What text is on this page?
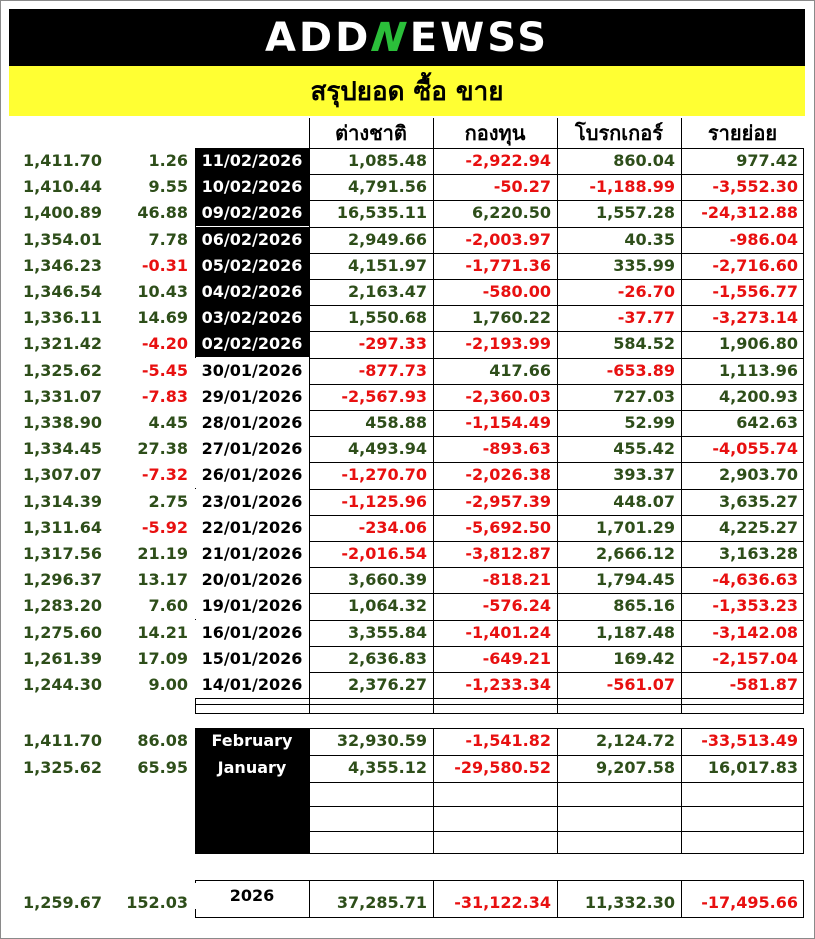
ADD
N
EWSS
สรุปยอด ซื้อ ขาย
ต่างชาติ	กองทุน	โบรกเกอร์	รายย่อย
1,411.70	1.26 11/02/2026	1,085.48	-2,922.94	860.04	977.42
1,410.44	9.55 10/02/2026	4,791.56	-50.27	-1,188.99	-3,552.30
1,400.89	46.88 09/02/2026	16,535.11	6,220.50	1,557.28	-24,312.88
1,354.01	7.78 06/02/2026	2,949.66	-2,003.97	40.35	-986.04
1,346.23	-0.31 05/02/2026	4,151.97	-1,771.36	335.99	-2,716.60
1,346.54	10.43 04/02/2026	2,163.47	-580.00	-26.70	-1,556.77
1,336.11	14.69 03/02/2026	1,550.68	1,760.22	-37.77	-3,273.14
1,321.42	-4.20 02/02/2026	-297.33	-2,193.99	584.52	1,906.80
1,325.62	-5.45 30/01/2026	-877.73	417.66	-653.89	1,113.96
1,331.07	-7.83 29/01/2026	-2,567.93	-2,360.03	727.03	4,200.93
1,338.90	4.45 28/01/2026	458.88	-1,154.49	52.99	642.63
1,334.45	27.38 27/01/2026	4,493.94	-893.63	455.42	-4,055.74
1,307.07	-7.32 26/01/2026	-1,270.70	-2,026.38	393.37	2,903.70
1,314.39	2.75 23/01/2026	-1,125.96	-2,957.39	448.07	3,635.27
1,311.64	-5.92 22/01/2026	-234.06	-5,692.50	1,701.29	4,225.27
1,317.56	21.19 21/01/2026	-2,016.54	-3,812.87	2,666.12	3,163.28
1,296.37	13.17 20/01/2026	3,660.39	-818.21	1,794.45	-4,636.63
1,283.20	7.60 19/01/2026	1,064.32	-576.24	865.16	-1,353.23
1,275.60	14.21 16/01/2026	3,355.84	-1,401.24	1,187.48	-3,142.08
1,261.39	17.09 15/01/2026	2,636.83	-649.21	169.42	-2,157.04
1,244.30	9.00 14/01/2026	2,376.27	-1,233.34	-561.07	-581.87
1,411.70	86.08	February	32,930.59	-1,541.82	2,124.72	-33,513.49
1,325.62	65.95	January	4,355.12	-29,580.52	9,207.58	16,017.83
1,259.67	152.03	2026	37,285.71	-31,122.34	11,332.30	-17,495.66
